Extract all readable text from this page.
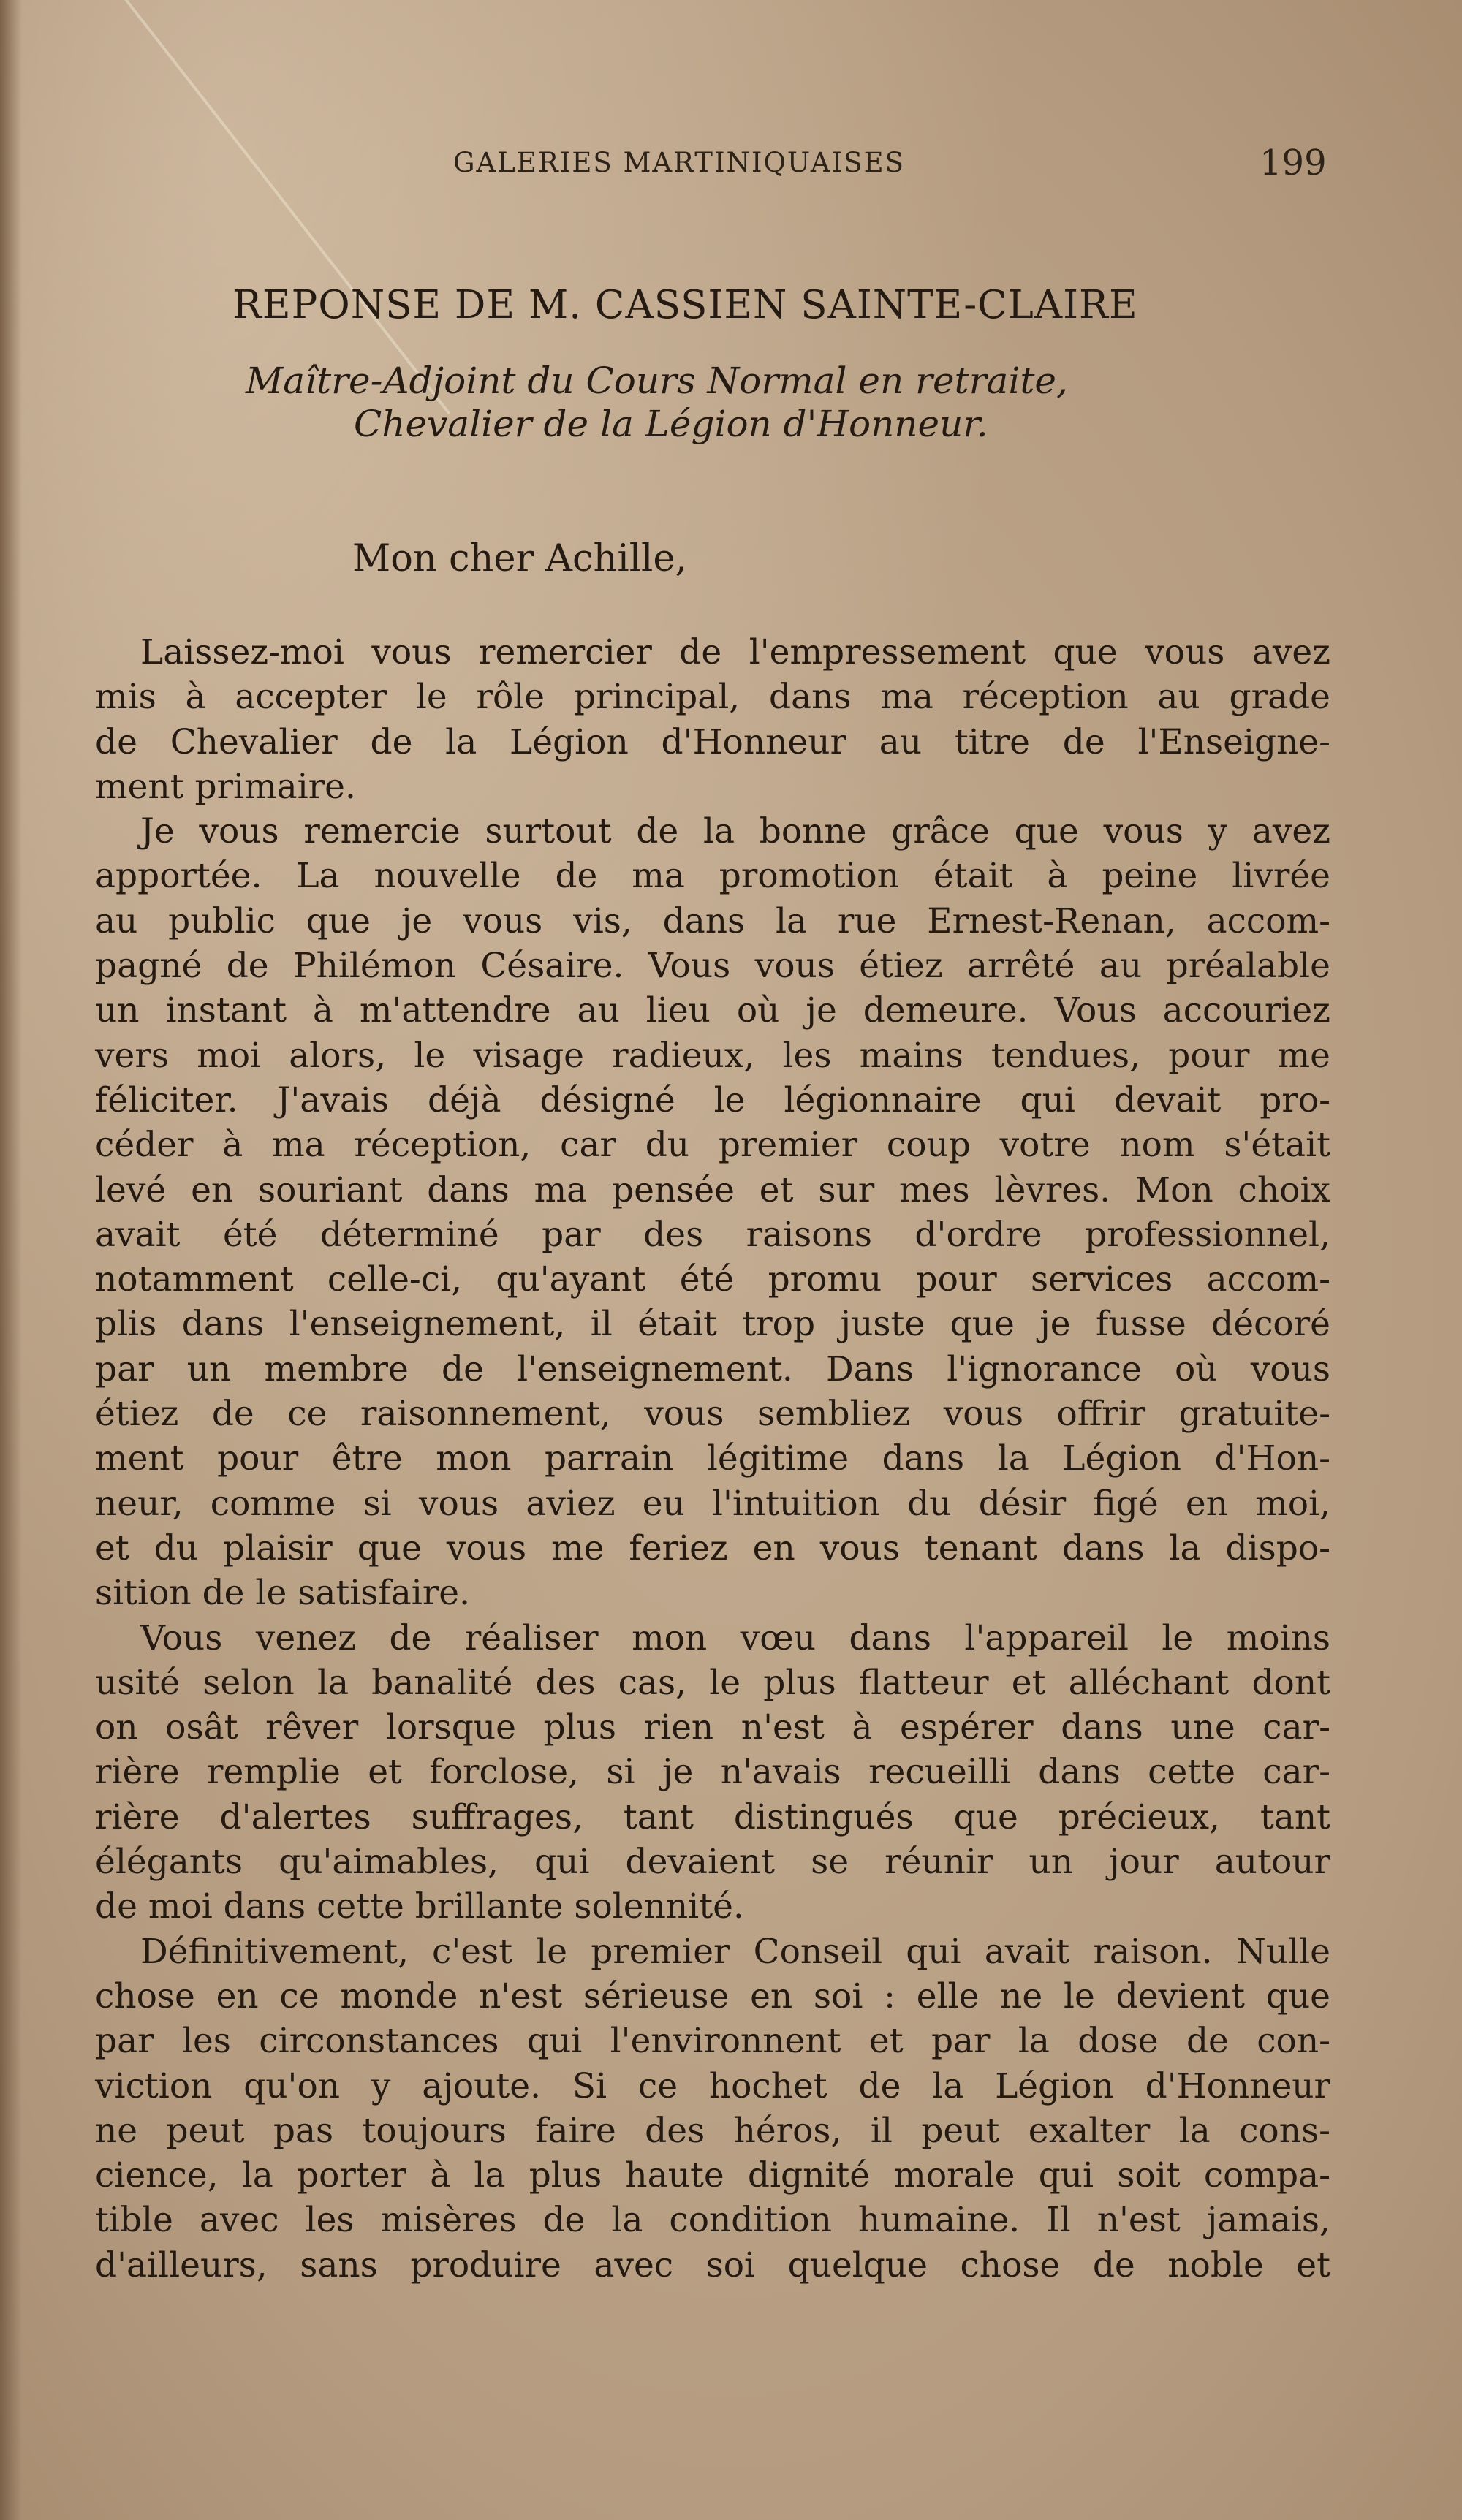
GALERIES MARTINIQUAISES	199
REPONSE DE M. CASSIEN SAINTE-CLAIRE
Maître-Adjoint du Cours Normal en retraite,
Chevalier de la Légion d'Honneur.
Mon cher Achille,
Laissez-moi vous remercier de l'empressement que vous avez
mis à accepter le rôle principal, dans ma réception au grade
de Chevalier de la Légion d'Honneur au titre de l'Enseigne-
ment primaire.
Je vous remercie surtout de la bonne grâce que vous y avez
apportée. La nouvelle de ma promotion était à peine livrée
au public que je vous vis, dans la rue Ernest-Renan, accom-
pagné de Philémon Césaire. Vous vous étiez arrêté au préalable
un instant à m'attendre au lieu où je demeure. Vous accouriez
vers moi alors, le visage radieux, les mains tendues, pour me
féliciter. J'avais déjà désigné le légionnaire qui devait pro-
céder à ma réception, car du premier coup votre nom s'était
levé en souriant dans ma pensée et sur mes lèvres. Mon choix
avait été déterminé par des raisons d'ordre professionnel,
notamment celle-ci, qu'ayant été promu pour services accom-
plis dans l'enseignement, il était trop juste que je fusse décoré
par un membre de l'enseignement. Dans l'ignorance où vous
étiez de ce raisonnement, vous sembliez vous offrir gratuite-
ment pour être mon parrain légitime dans la Légion d'Hon-
neur, comme si vous aviez eu l'intuition du désir figé en moi,
et du plaisir que vous me feriez en vous tenant dans la dispo-
sition de le satisfaire.
Vous venez de réaliser mon vœu dans l'appareil le moins
usité selon la banalité des cas, le plus flatteur et alléchant dont
on osât rêver lorsque plus rien n'est à espérer dans une car-
rière remplie et forclose, si je n'avais recueilli dans cette car-
rière d'alertes suffrages, tant distingués que précieux, tant
élégants qu'aimables, qui devaient se réunir un jour autour
de moi dans cette brillante solennité.
Définitivement, c'est le premier Conseil qui avait raison. Nulle
chose en ce monde n'est sérieuse en soi : elle ne le devient que
par les circonstances qui l'environnent et par la dose de con-
viction qu'on y ajoute. Si ce hochet de la Légion d'Honneur
ne peut pas toujours faire des héros, il peut exalter la cons-
cience, la porter à la plus haute dignité morale qui soit compa-
tible avec les misères de la condition humaine. Il n'est jamais,
d'ailleurs, sans produire avec soi quelque chose de noble et
